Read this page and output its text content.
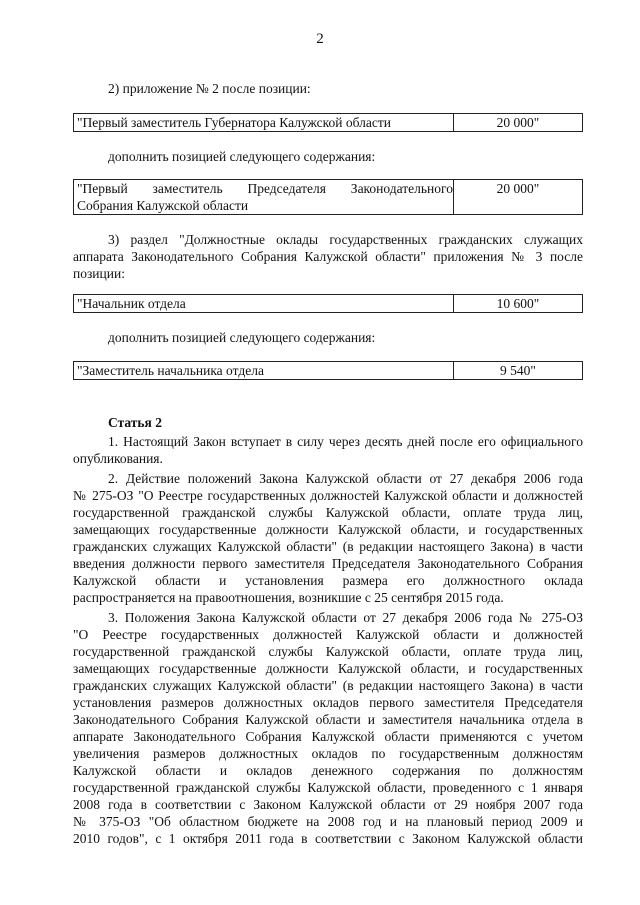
2
2) приложение № 2 после позиции:
"Первый заместитель Губернатора Калужской области	20 000"
дополнить позицией следующего содержания:
"Первый заместитель Председателя Законодательного
Собрания Калужской области
	20 000"
3) раздел "Должностные оклады государственных гражданских служащих
аппарата Законодательного Собрания Калужской области" приложения № 3 после
позиции:
"Начальник отдела	10 600"
дополнить позицией следующего содержания:
"Заместитель начальника отдела	9 540"
Статья 2
1. Настоящий Закон вступает в силу через десять дней после его официального
опубликования.
2. Действие положений Закона Калужской области от 27 декабря 2006 года
№ 275-ОЗ "О Реестре государственных должностей Калужской области и должностей
государственной гражданской службы Калужской области, оплате труда лиц,
замещающих государственные должности Калужской области, и государственных
гражданских служащих Калужской области" (в редакции настоящего Закона) в части
введения должности первого заместителя Председателя Законодательного Собрания
Калужской области и установления размера его должностного оклада
распространяется на правоотношения, возникшие с 25 сентября 2015 года.
3. Положения Закона Калужской области от 27 декабря 2006 года № 275-ОЗ
"О Реестре государственных должностей Калужской области и должностей
государственной гражданской службы Калужской области, оплате труда лиц,
замещающих государственные должности Калужской области, и государственных
гражданских служащих Калужской области" (в редакции настоящего Закона) в части
установления размеров должностных окладов первого заместителя Председателя
Законодательного Собрания Калужской области и заместителя начальника отдела в
аппарате Законодательного Собрания Калужской области применяются с учетом
увеличения размеров должностных окладов по государственным должностям
Калужской области и окладов денежного содержания по должностям
государственной гражданской службы Калужской области, проведенного с 1 января
2008 года в соответствии с Законом Калужской области от 29 ноября 2007 года
№ 375-ОЗ "Об областном бюджете на 2008 год и на плановый период 2009 и
2010 годов", с 1 октября 2011 года в соответствии с Законом Калужской области
